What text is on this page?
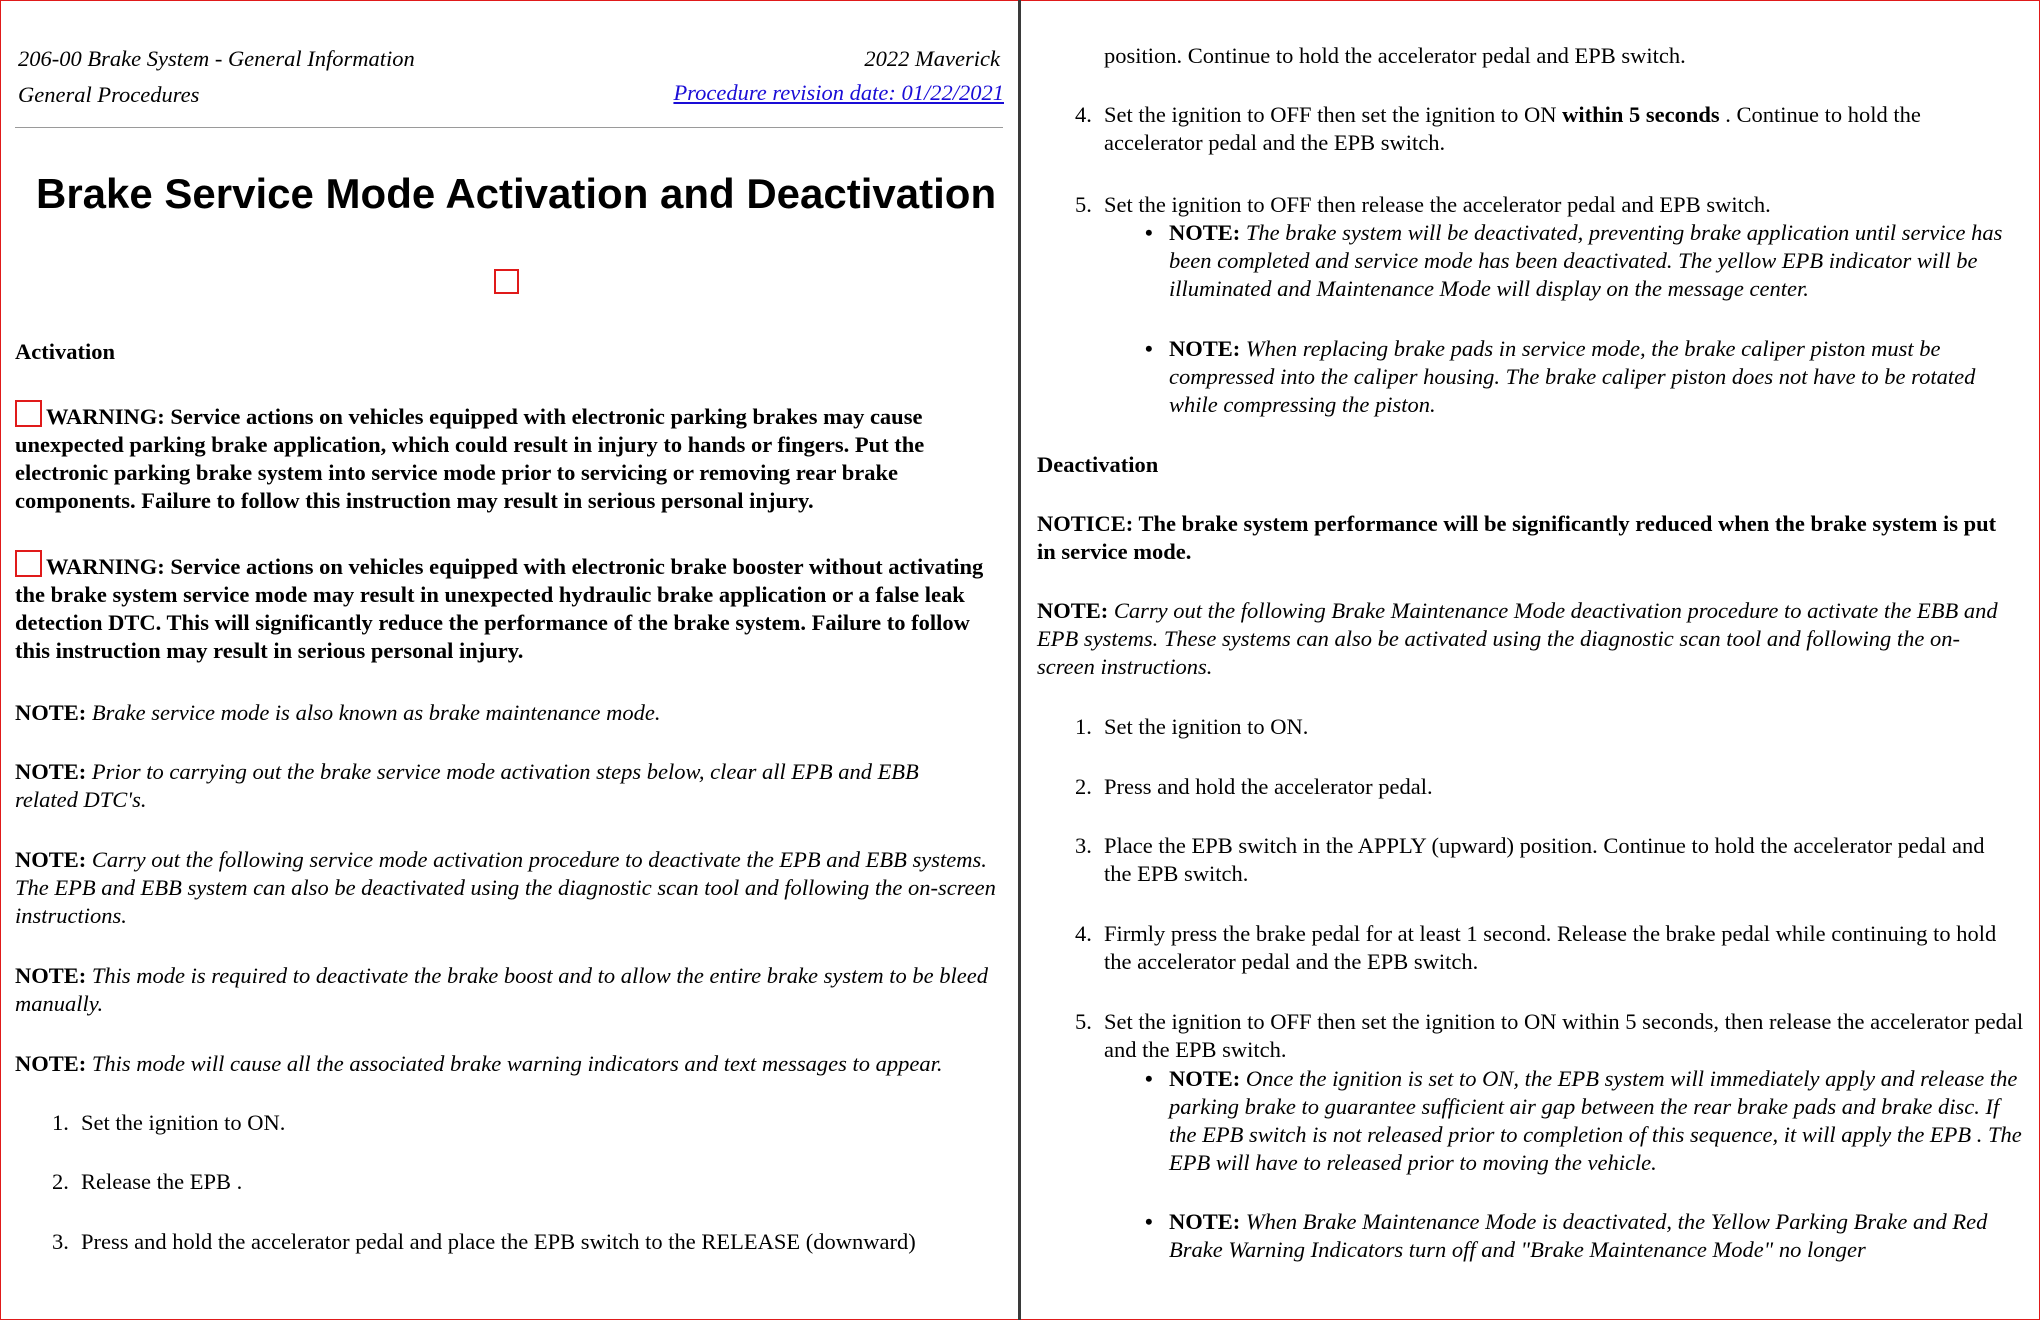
206-00 Brake System - General Information
General Procedures
2022 Maverick
Procedure revision date: 01/22/2021
Brake Service Mode Activation and Deactivation
Activation
WARNING: Service actions on vehicles equipped with electronic parking brakes may cause unexpected parking brake application, which could result in injury to hands or fingers. Put the electronic parking brake system into service mode prior to servicing or removing rear brake components. Failure to follow this instruction may result in serious personal injury.
WARNING: Service actions on vehicles equipped with electronic brake booster without activating the brake system service mode may result in unexpected hydraulic brake application or a false leak detection DTC. This will significantly reduce the performance of the brake system. Failure to follow this instruction may result in serious personal injury.
NOTE: Brake service mode is also known as brake maintenance mode.
NOTE: Prior to carrying out the brake service mode activation steps below, clear all EPB and EBB related DTC's.
NOTE: Carry out the following service mode activation procedure to deactivate the EPB and EBB systems. The EPB and EBB system can also be deactivated using the diagnostic scan tool and following the on-screen instructions.
NOTE: This mode is required to deactivate the brake boost and to allow the entire brake system to be bleed manually.
NOTE: This mode will cause all the associated brake warning indicators and text messages to appear.
1. Set the ignition to ON.
2. Release the EPB .
3. Press and hold the accelerator pedal and place the EPB switch to the RELEASE (downward)
position. Continue to hold the accelerator pedal and EPB switch.
4. Set the ignition to OFF then set the ignition to ON within 5 seconds . Continue to hold the accelerator pedal and the EPB switch.
5. Set the ignition to OFF then release the accelerator pedal and EPB switch.
• NOTE: The brake system will be deactivated, preventing brake application until service has been completed and service mode has been deactivated. The yellow EPB indicator will be illuminated and Maintenance Mode will display on the message center.
• NOTE: When replacing brake pads in service mode, the brake caliper piston must be compressed into the caliper housing. The brake caliper piston does not have to be rotated while compressing the piston.
Deactivation
NOTICE: The brake system performance will be significantly reduced when the brake system is put in service mode.
NOTE: Carry out the following Brake Maintenance Mode deactivation procedure to activate the EBB and EPB systems. These systems can also be activated using the diagnostic scan tool and following the on-screen instructions.
1. Set the ignition to ON.
2. Press and hold the accelerator pedal.
3. Place the EPB switch in the APPLY (upward) position. Continue to hold the accelerator pedal and the EPB switch.
4. Firmly press the brake pedal for at least 1 second. Release the brake pedal while continuing to hold the accelerator pedal and the EPB switch.
5. Set the ignition to OFF then set the ignition to ON within 5 seconds, then release the accelerator pedal and the EPB switch.
• NOTE: Once the ignition is set to ON, the EPB system will immediately apply and release the parking brake to guarantee sufficient air gap between the rear brake pads and brake disc. If the EPB switch is not released prior to completion of this sequence, it will apply the EPB . The EPB will have to released prior to moving the vehicle.
• NOTE: When Brake Maintenance Mode is deactivated, the Yellow Parking Brake and Red Brake Warning Indicators turn off and "Brake Maintenance Mode" no longer
